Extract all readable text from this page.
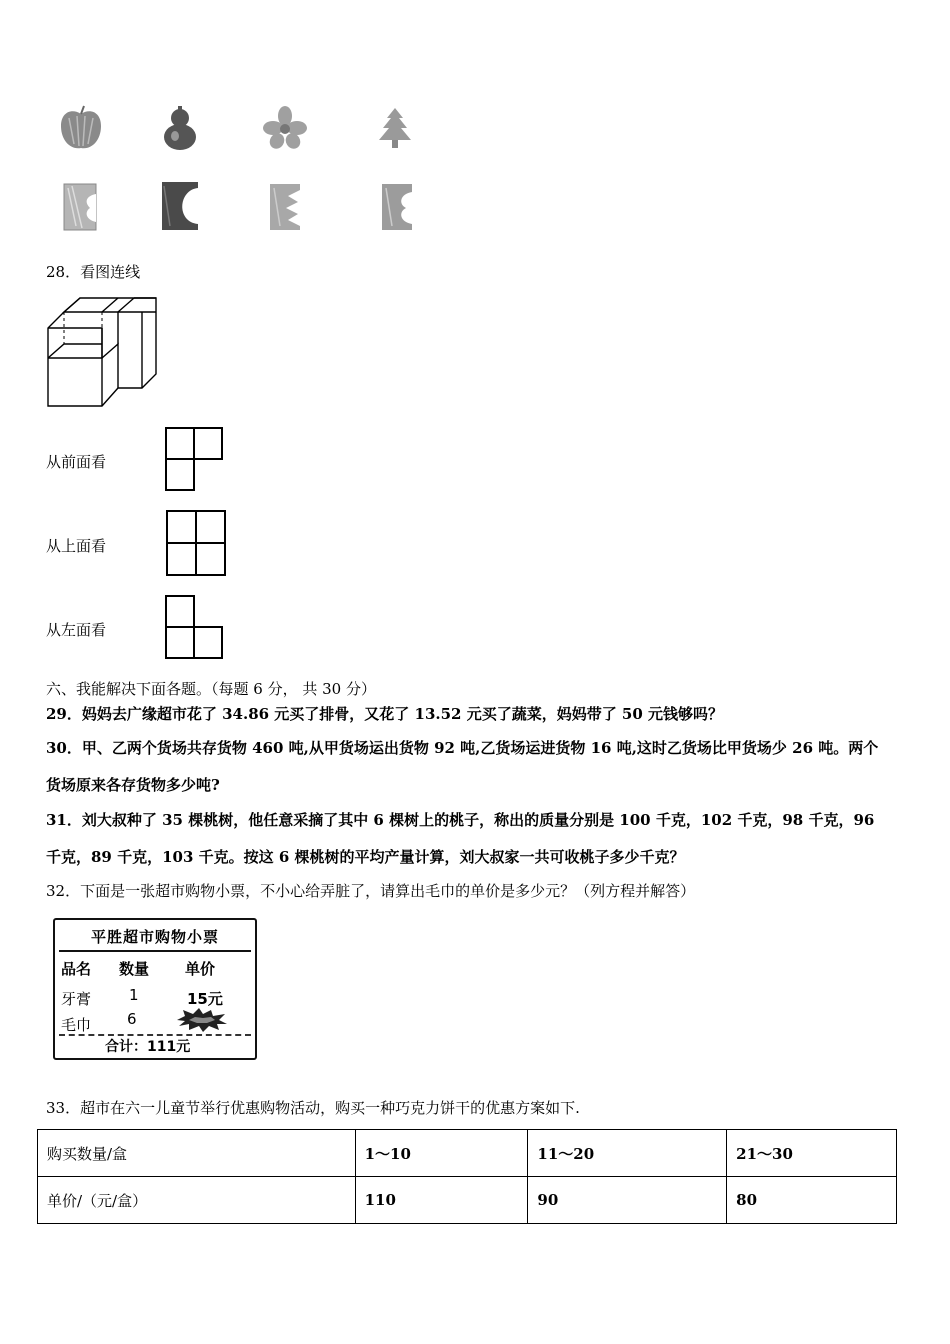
28．看图连线
从前面看
从上面看
从左面看
六、我能解决下面各题。（每题 6 分， 共 30 分）
29．妈妈去广缘超市花了 34.86 元买了排骨，又花了 13.52 元买了蔬菜，妈妈带了 50 元钱够吗？
30．甲、乙两个货场共存货物 460 吨,从甲货场运出货物 92 吨,乙货场运进货物 16 吨,这时乙货场比甲货场少 26 吨。两个
货场原来各存货物多少吨?
31．刘大叔种了 35 棵桃树，他任意采摘了其中 6 棵树上的桃子，称出的质量分别是 100 千克，102 千克，98 千克，96
千克，89 千克，103 千克。按这 6 棵桃树的平均产量计算，刘大叔家一共可收桃子多少千克？
32．下面是一张超市购物小票，不小心给弄脏了，请算出毛巾的单价是多少元？（列方程并解答）
平胜超市购物小票
品名 数量 单价
牙膏	1	15元
毛巾 6
合计：111元
33．超市在六一儿童节举行优惠购物活动，购买一种巧克力饼干的优惠方案如下.
购买数量/盒	1～10	11～20	21～30
单价/（元/盒）	110	90	80
